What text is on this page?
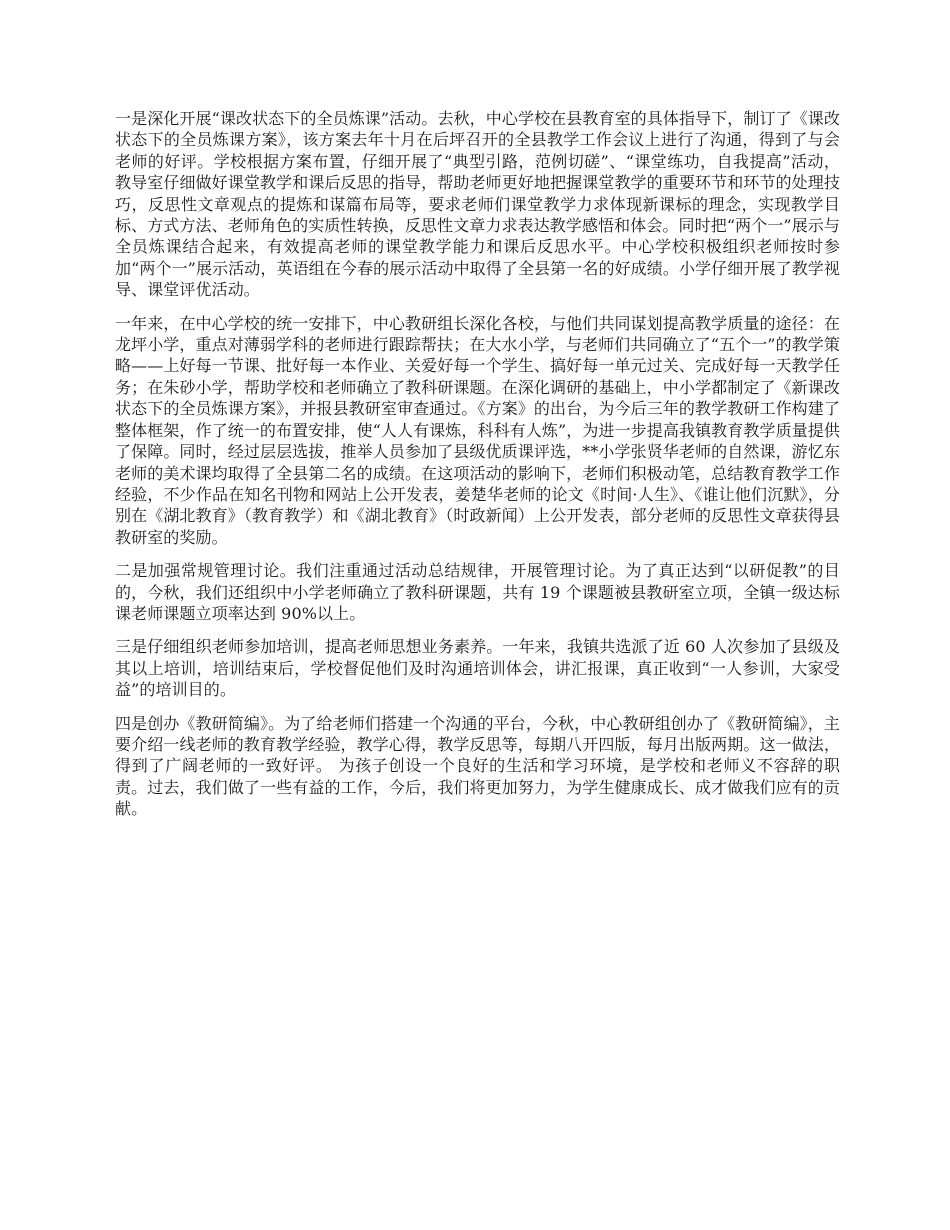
一是深化开展“课改状态下的全员炼课”活动。去秋，中心学校在县教育室的具体指导下，制订了《课改状态下的全员炼课方案》，该方案去年十月在后坪召开的全县教学工作会议上进行了沟通，得到了与会老师的好评。学校根据方案布置，仔细开展了“典型引路，范例切磋”、“课堂练功，自我提高”活动，教导室仔细做好课堂教学和课后反思的指导，帮助老师更好地把握课堂教学的重要环节和环节的处理技巧，反思性文章观点的提炼和谋篇布局等，要求老师们课堂教学力求体现新课标的理念，实现教学目标、方式方法、老师角色的实质性转换，反思性文章力求表达教学感悟和体会。同时把“两个一”展示与全员炼课结合起来，有效提高老师的课堂教学能力和课后反思水平。中心学校积极组织老师按时参加“两个一”展示活动，英语组在今春的展示活动中取得了全县第一名的好成绩。小学仔细开展了教学视导、课堂评优活动。

一年来，在中心学校的统一安排下，中心教研组长深化各校，与他们共同谋划提高教学质量的途径：在龙坪小学，重点对薄弱学科的老师进行跟踪帮扶；在大水小学，与老师们共同确立了“五个一”的教学策略——上好每一节课、批好每一本作业、关爱好每一个学生、搞好每一单元过关、完成好每一天教学任务；在朱砂小学，帮助学校和老师确立了教科研课题。在深化调研的基础上，中小学都制定了《新课改状态下的全员炼课方案》，并报县教研室审查通过。《方案》的出台，为今后三年的教学教研工作构建了整体框架，作了统一的布置安排，使“人人有课炼，科科有人炼”，为进一步提高我镇教育教学质量提供了保障。同时，经过层层选拔，推举人员参加了县级优质课评选，**小学张贤华老师的自然课，游忆东老师的美术课均取得了全县第二名的成绩。在这项活动的影响下，老师们积极动笔，总结教育教学工作经验，不少作品在知名刊物和网站上公开发表，姜楚华老师的论文《时间·人生》、《谁让他们沉默》，分别在《湖北教育》（教育教学）和《湖北教育》（时政新闻）上公开发表，部分老师的反思性文章获得县教研室的奖励。

二是加强常规管理讨论。我们注重通过活动总结规律，开展管理讨论。为了真正达到“以研促教”的目的，今秋，我们还组织中小学老师确立了教科研课题，共有 19 个课题被县教研室立项，全镇一级达标课老师课题立项率达到 90%以上。

三是仔细组织老师参加培训，提高老师思想业务素养。一年来，我镇共选派了近 60 人次参加了县级及其以上培训，培训结束后，学校督促他们及时沟通培训体会，讲汇报课，真正收到“一人参训，大家受益”的培训目的。

四是创办《教研简编》。为了给老师们搭建一个沟通的平台，今秋，中心教研组创办了《教研简编》，主要介绍一线老师的教育教学经验，教学心得，教学反思等，每期八开四版，每月出版两期。这一做法，得到了广阔老师的一致好评。 为孩子创设一个良好的生活和学习环境，是学校和老师义不容辞的职责。过去，我们做了一些有益的工作，今后，我们将更加努力，为学生健康成长、成才做我们应有的贡献。
